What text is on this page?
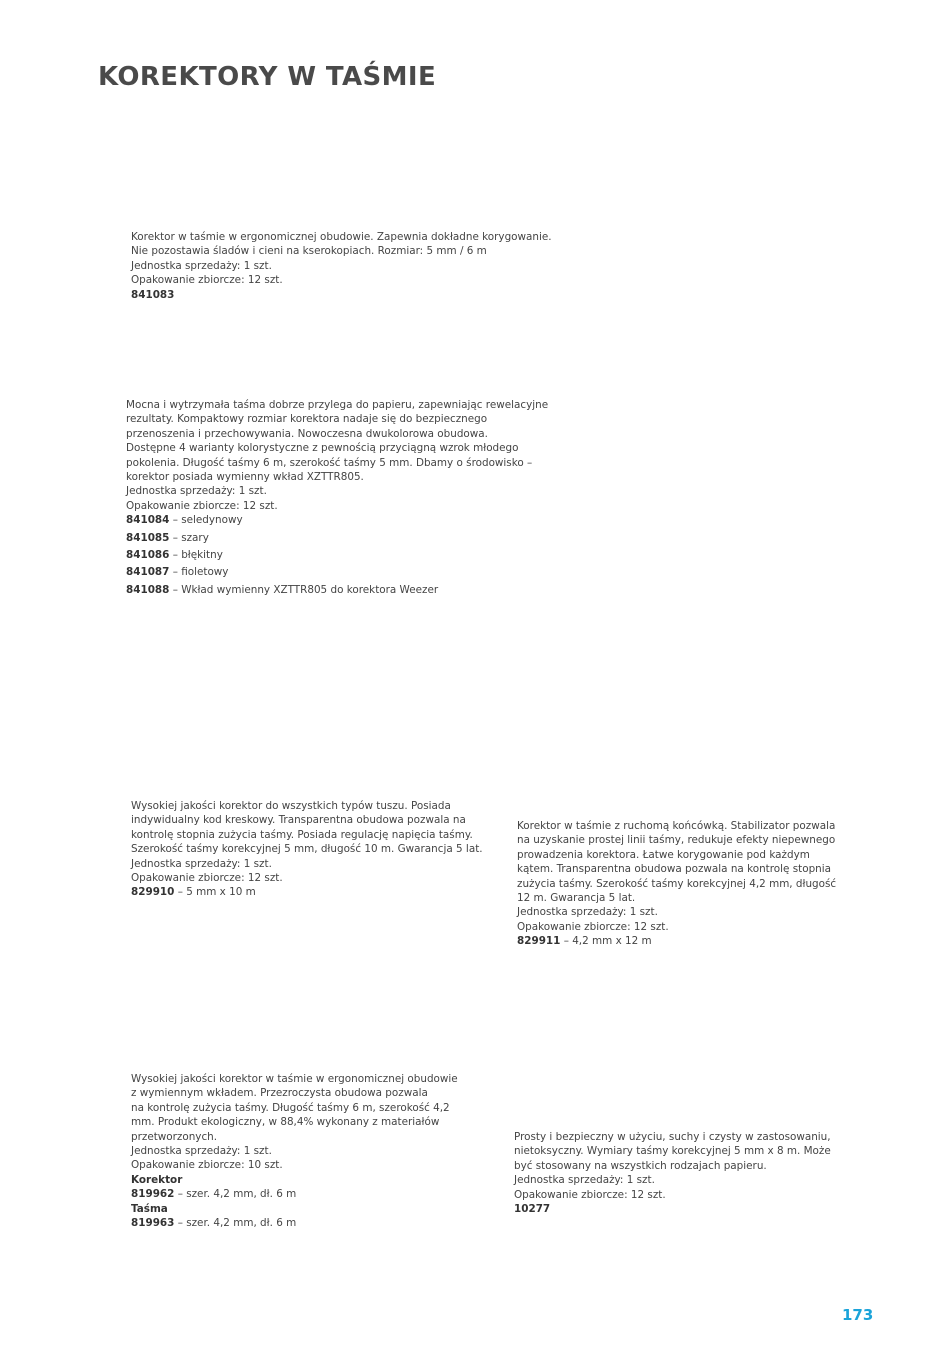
KOREKTORY W TAŚMIE
Korektor w taśmie w ergonomicznej obudowie. Zapewnia dokładne korygowanie.
Nie pozostawia śladów i cieni na kserokopiach. Rozmiar: 5 mm / 6 m
Jednostka sprzedaży: 1 szt.
Opakowanie zbiorcze: 12 szt.
841083
Mocna i wytrzymała taśma dobrze przylega do papieru, zapewniając rewelacyjne
rezultaty. Kompaktowy rozmiar korektora nadaje się do bezpiecznego
przenoszenia i przechowywania. Nowoczesna dwukolorowa obudowa.
Dostępne 4 warianty kolorystyczne z pewnością przyciągną wzrok młodego
pokolenia. Długość taśmy 6 m, szerokość taśmy 5 mm. Dbamy o środowisko –
korektor posiada wymienny wkład XZTTR805.
Jednostka sprzedaży: 1 szt.
Opakowanie zbiorcze: 12 szt.
841084 – seledynowy
841085 – szary
841086 – błękitny
841087 – fioletowy
841088 – Wkład wymienny XZTTR805 do korektora Weezer
Wysokiej jakości korektor do wszystkich typów tuszu. Posiada
indywidualny kod kreskowy. Transparentna obudowa pozwala na
kontrolę stopnia zużycia taśmy. Posiada regulację napięcia taśmy.
Szerokość taśmy korekcyjnej 5 mm, długość 10 m. Gwarancja 5 lat.
Jednostka sprzedaży: 1 szt.
Opakowanie zbiorcze: 12 szt.
829910 – 5 mm x 10 m
Korektor w taśmie z ruchomą końcówką. Stabilizator pozwala
na uzyskanie prostej linii taśmy, redukuje efekty niepewnego
prowadzenia korektora. Łatwe korygowanie pod każdym
kątem. Transparentna obudowa pozwala na kontrolę stopnia
zużycia taśmy. Szerokość taśmy korekcyjnej 4,2 mm, długość
12 m. Gwarancja 5 lat.
Jednostka sprzedaży: 1 szt.
Opakowanie zbiorcze: 12 szt.
829911 – 4,2 mm x 12 m
Wysokiej jakości korektor w taśmie w ergonomicznej obudowie
z wymiennym wkładem. Przezroczysta obudowa pozwala
na kontrolę zużycia taśmy. Długość taśmy 6 m, szerokość 4,2
mm. Produkt ekologiczny, w 88,4% wykonany z materiałów
przetworzonych.
Jednostka sprzedaży: 1 szt.
Opakowanie zbiorcze: 10 szt.
Korektor
819962 – szer. 4,2 mm, dł. 6 m
Taśma
819963 – szer. 4,2 mm, dł. 6 m
Prosty i bezpieczny w użyciu, suchy i czysty w zastosowaniu,
nietoksyczny. Wymiary taśmy korekcyjnej 5 mm x 8 m. Może
być stosowany na wszystkich rodzajach papieru.
Jednostka sprzedaży: 1 szt.
Opakowanie zbiorcze: 12 szt.
10277
173
